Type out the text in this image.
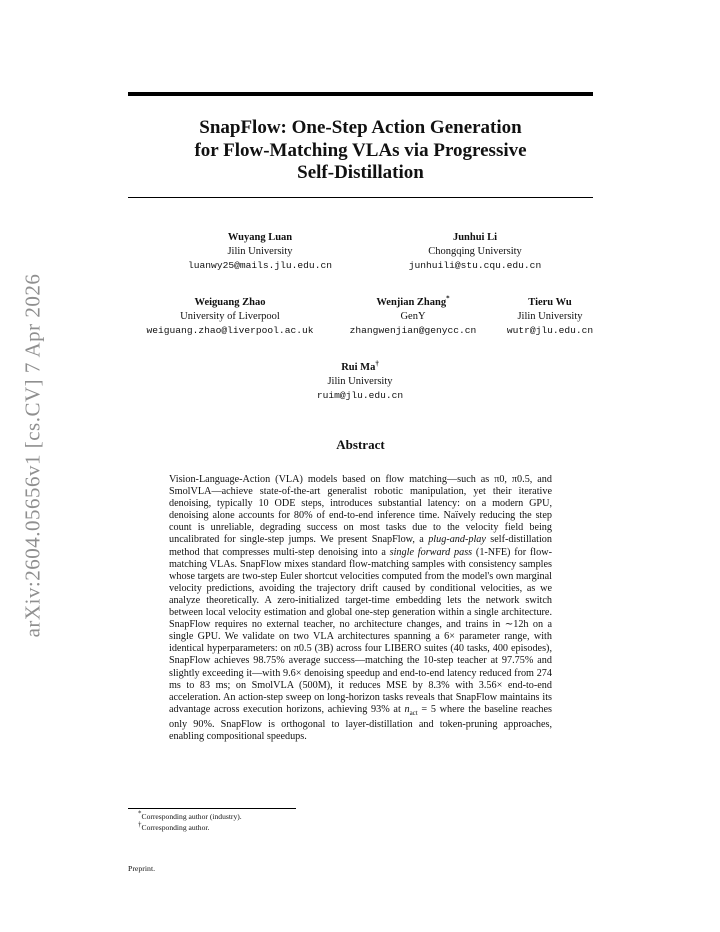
arXiv:2604.05656v1 [cs.CV] 7 Apr 2026
SnapFlow: One-Step Action Generation
for Flow-Matching VLAs via Progressive
Self-Distillation
Wuyang Luan
Jilin University
luanwy25@mails.jlu.edu.cn
Junhui Li
Chongqing University
junhuili@stu.cqu.edu.cn
Weiguang Zhao
University of Liverpool
weiguang.zhao@liverpool.ac.uk
Wenjian Zhang*
GenY
zhangwenjian@genycc.cn
Tieru Wu
Jilin University
wutr@jlu.edu.cn
Rui Ma†
Jilin University
ruim@jlu.edu.cn
Abstract

Vision-Language-Action (VLA) models based on flow matching—such as π0, π0.5, and SmolVLA—achieve state-of-the-art generalist robotic manipulation, yet their iterative denoising, typically 10 ODE steps, introduces substantial latency: on a modern GPU, denoising alone accounts for 80% of end-to-end inference time. Naïvely reducing the step count is unreliable, degrading success on most tasks due to the velocity field being uncalibrated for single-step jumps. We present SnapFlow, a plug-and-play self-distillation method that compresses multi-step denoising into a single forward pass (1-NFE) for flow-matching VLAs. SnapFlow mixes standard flow-matching samples with consistency samples whose targets are two-step Euler shortcut velocities computed from the model's own marginal velocity predictions, avoiding the trajectory drift caused by conditional velocities, as we analyze theoretically. A zero-initialized target-time embedding lets the network switch between local velocity estimation and global one-step generation within a single architecture. SnapFlow requires no external teacher, no architecture changes, and trains in ∼12h on a single GPU. We validate on two VLA architectures spanning a 6× parameter range, with identical hyperparameters: on π0.5 (3B) across four LIBERO suites (40 tasks, 400 episodes), SnapFlow achieves 98.75% average success—matching the 10-step teacher at 97.75% and slightly exceeding it—with 9.6× denoising speedup and end-to-end latency reduced from 274 ms to 83 ms; on SmolVLA (500M), it reduces MSE by 8.3% with 3.56× end-to-end acceleration. An action-step sweep on long-horizon tasks reveals that SnapFlow maintains its advantage across execution horizons, achieving 93% at $n_{act} = 5$ where the baseline reaches only 90%. SnapFlow is orthogonal to layer-distillation and token-pruning approaches, enabling compositional speedups.

*Corresponding author (industry).
†Corresponding author.
Preprint.
